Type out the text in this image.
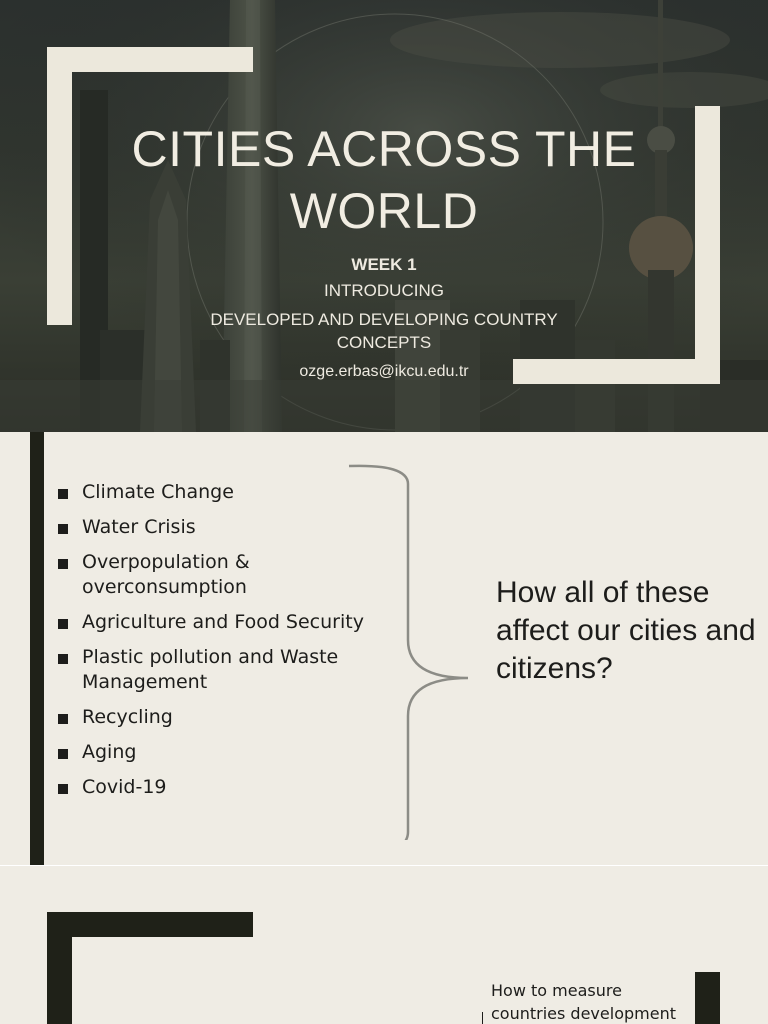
CITIES ACROSS THE WORLD
WEEK 1
INTRODUCING
DEVELOPED AND DEVELOPING COUNTRY CONCEPTS
ozge.erbas@ikcu.edu.tr
Climate Change
Water Crisis
Overpopulation & overconsumption
Agriculture and Food Security
Plastic pollution and Waste Management
Recycling
Aging
Covid-19
How all of these affect our cities and citizens?
How to measure countries development
